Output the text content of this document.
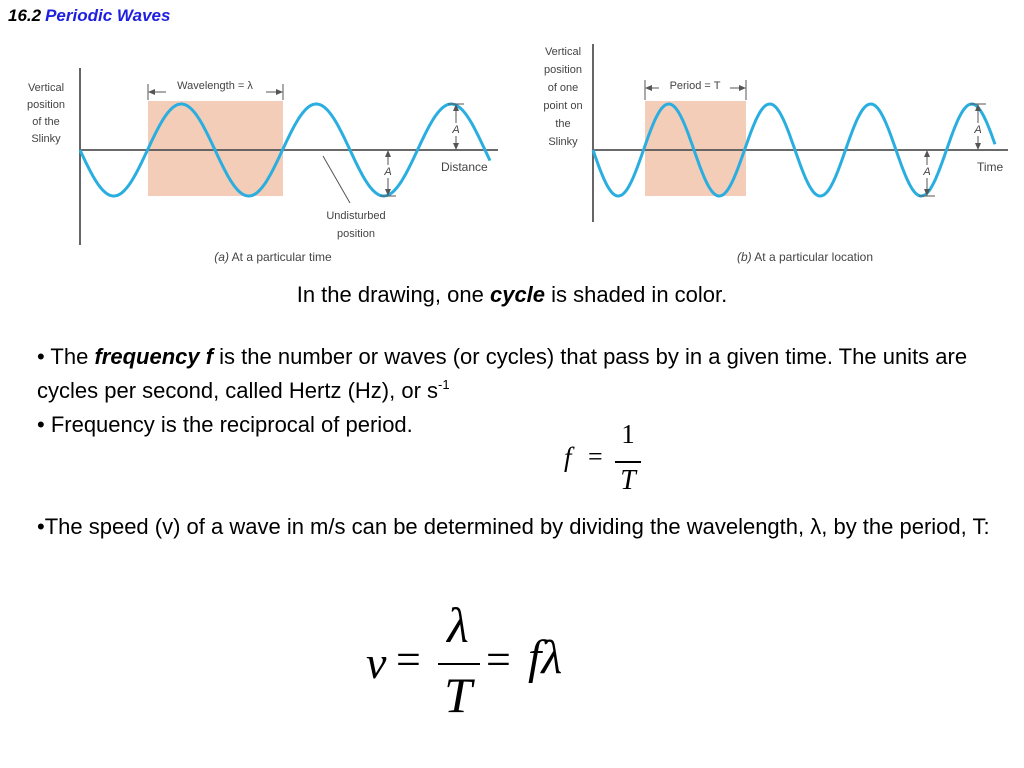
16.2 Periodic Waves
Vertical
position
of the
Slinky
Wavelength = λ
A
A	Distance
Undisturbed
position
(a) At a particular time
Vertical
position
of one
point on
the
Slinky
Period = T
A
A	Time
(b) At a particular location
In the drawing, one cycle is shaded in color.
• The frequency f is the number or waves (or cycles) that pass by in a given time. The units are cycles per second, called Hertz (Hz), or $s^{-1}$
• Frequency is the reciprocal of period.
f =
1
T
•The speed (v) of a wave in m/s can be determined by dividing the wavelength, λ, by the period, T:
v =
λ
T
= fλ
